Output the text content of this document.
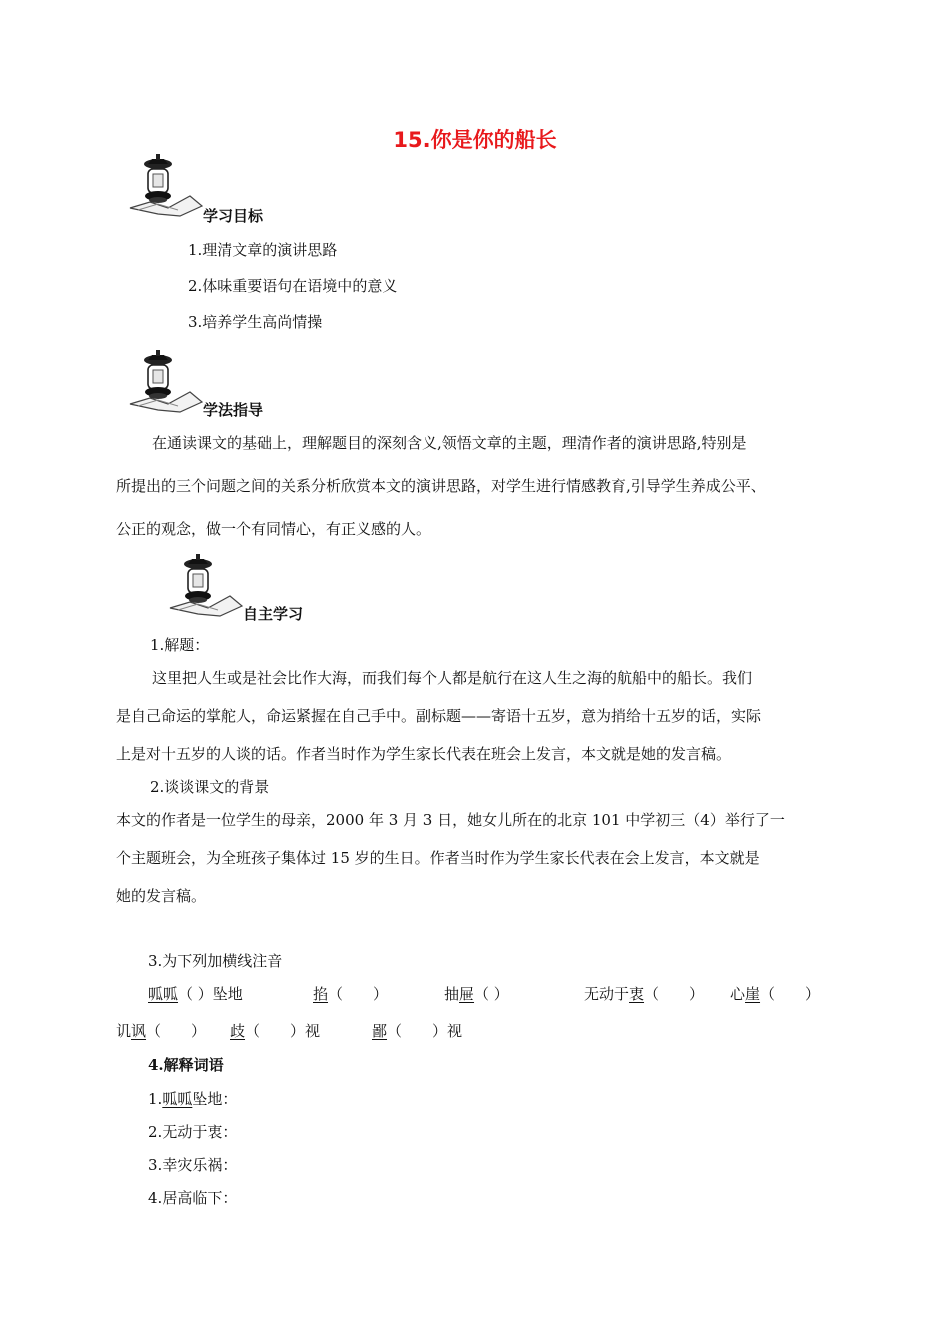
15.你是你的船长
学习目标
1.理清文章的演讲思路
2.体味重要语句在语境中的意义
3.培养学生高尚情操
学法指导
在通读课文的基础上，理解题目的深刻含义,领悟文章的主题，理清作者的演讲思路,特别是
所提出的三个问题之间的关系分析欣赏本文的演讲思路，对学生进行情感教育,引导学生养成公平、
公正的观念，做一个有同情心，有正义感的人。
自主学习
1.解题：
这里把人生或是社会比作大海，而我们每个人都是航行在这人生之海的航船中的船长。我们
是自己命运的掌舵人，命运紧握在自己手中。副标题——寄语十五岁，意为捎给十五岁的话，实际
上是对十五岁的人谈的话。作者当时作为学生家长代表在班会上发言，本文就是她的发言稿。
2.谈谈课文的背景
本文的作者是一位学生的母亲，2000 年 3 月 3 日，她女儿所在的北京 101 中学初三（4）举行了一
个主题班会，为全班孩子集体过 15 岁的生日。作者当时作为学生家长代表在会上发言，本文就是
她的发言稿。
3.为下列加横线注音
呱呱（ ）坠地	掐（　　）	抽屉（ ）	无动于衷（　　） 心崖（　　）
讥讽（　　） 歧（　　）视	鄙（　　）视
4.解释词语
1.呱呱坠地：
2.无动于衷：
3.幸灾乐祸：
4.居高临下：
